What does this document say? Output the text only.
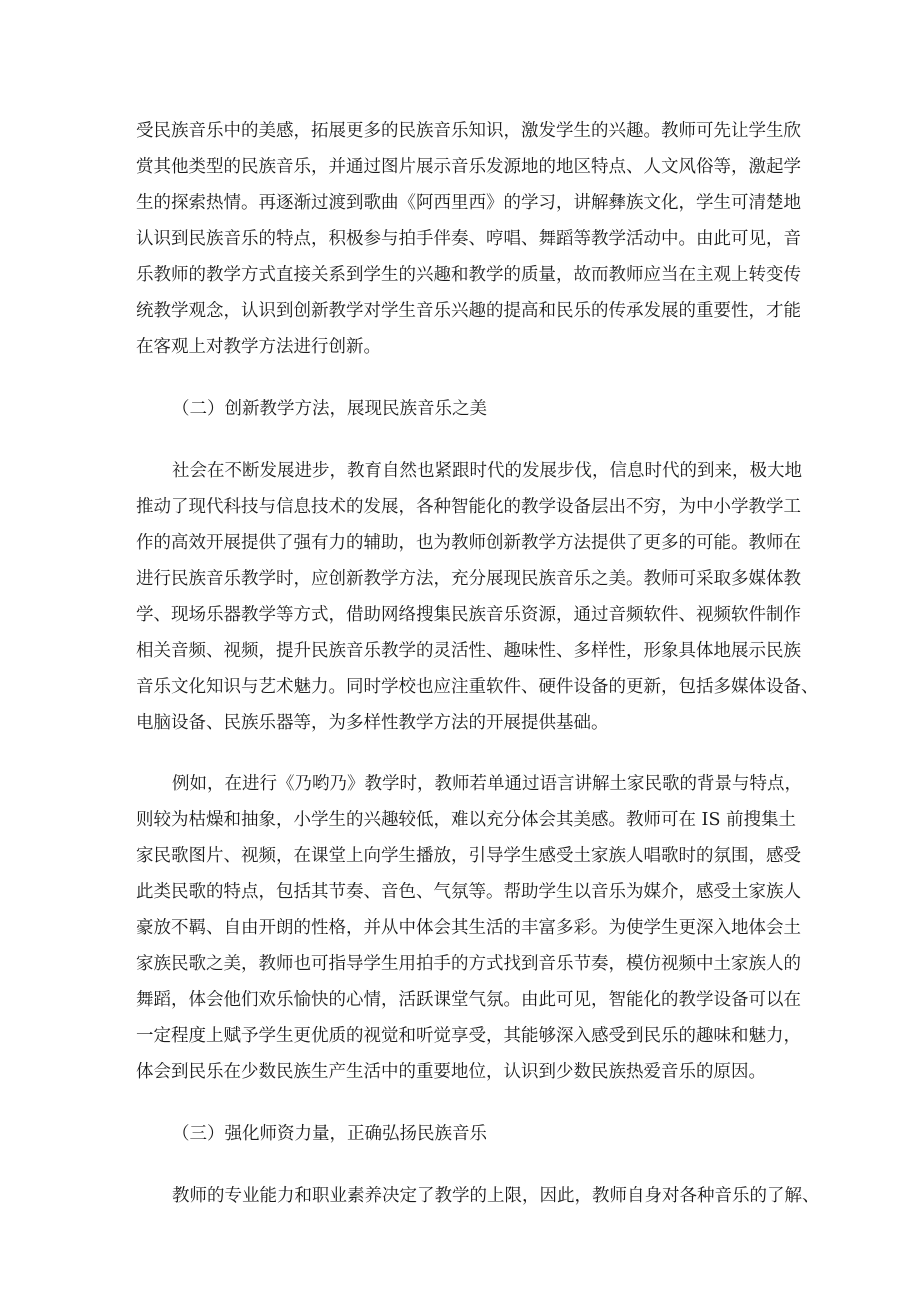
受民族音乐中的美感，拓展更多的民族音乐知识，激发学生的兴趣。教师可先让学生欣
赏其他类型的民族音乐，并通过图片展示音乐发源地的地区特点、人文风俗等，激起学
生的探索热情。再逐渐过渡到歌曲《阿西里西》的学习，讲解彝族文化，学生可清楚地
认识到民族音乐的特点，积极参与拍手伴奏、哼唱、舞蹈等教学活动中。由此可见，音
乐教师的教学方式直接关系到学生的兴趣和教学的质量，故而教师应当在主观上转变传
统教学观念，认识到创新教学对学生音乐兴趣的提高和民乐的传承发展的重要性，才能
在客观上对教学方法进行创新。
（二）创新教学方法，展现民族音乐之美
社会在不断发展进步，教育自然也紧跟时代的发展步伐，信息时代的到来，极大地
推动了现代科技与信息技术的发展，各种智能化的教学设备层出不穷，为中小学教学工
作的高效开展提供了强有力的辅助，也为教师创新教学方法提供了更多的可能。教师在
进行民族音乐教学时，应创新教学方法，充分展现民族音乐之美。教师可采取多媒体教
学、现场乐器教学等方式，借助网络搜集民族音乐资源，通过音频软件、视频软件制作
相关音频、视频，提升民族音乐教学的灵活性、趣味性、多样性，形象具体地展示民族
音乐文化知识与艺术魅力。同时学校也应注重软件、硬件设备的更新，包括多媒体设备、
电脑设备、民族乐器等，为多样性教学方法的开展提供基础。
例如，在进行《乃哟乃》教学时，教师若单通过语言讲解土家民歌的背景与特点，
则较为枯燥和抽象，小学生的兴趣较低，难以充分体会其美感。教师可在 IS 前搜集土
家民歌图片、视频，在课堂上向学生播放，引导学生感受土家族人唱歌时的氛围，感受
此类民歌的特点，包括其节奏、音色、气氛等。帮助学生以音乐为媒介，感受土家族人
豪放不羁、自由开朗的性格，并从中体会其生活的丰富多彩。为使学生更深入地体会土
家族民歌之美，教师也可指导学生用拍手的方式找到音乐节奏，模仿视频中土家族人的
舞蹈，体会他们欢乐愉快的心情，活跃课堂气氛。由此可见，智能化的教学设备可以在
一定程度上赋予学生更优质的视觉和听觉享受，其能够深入感受到民乐的趣味和魅力，
体会到民乐在少数民族生产生活中的重要地位，认识到少数民族热爱音乐的原因。
（三）强化师资力量，正确弘扬民族音乐
教师的专业能力和职业素养决定了教学的上限，因此，教师自身对各种音乐的了解、
